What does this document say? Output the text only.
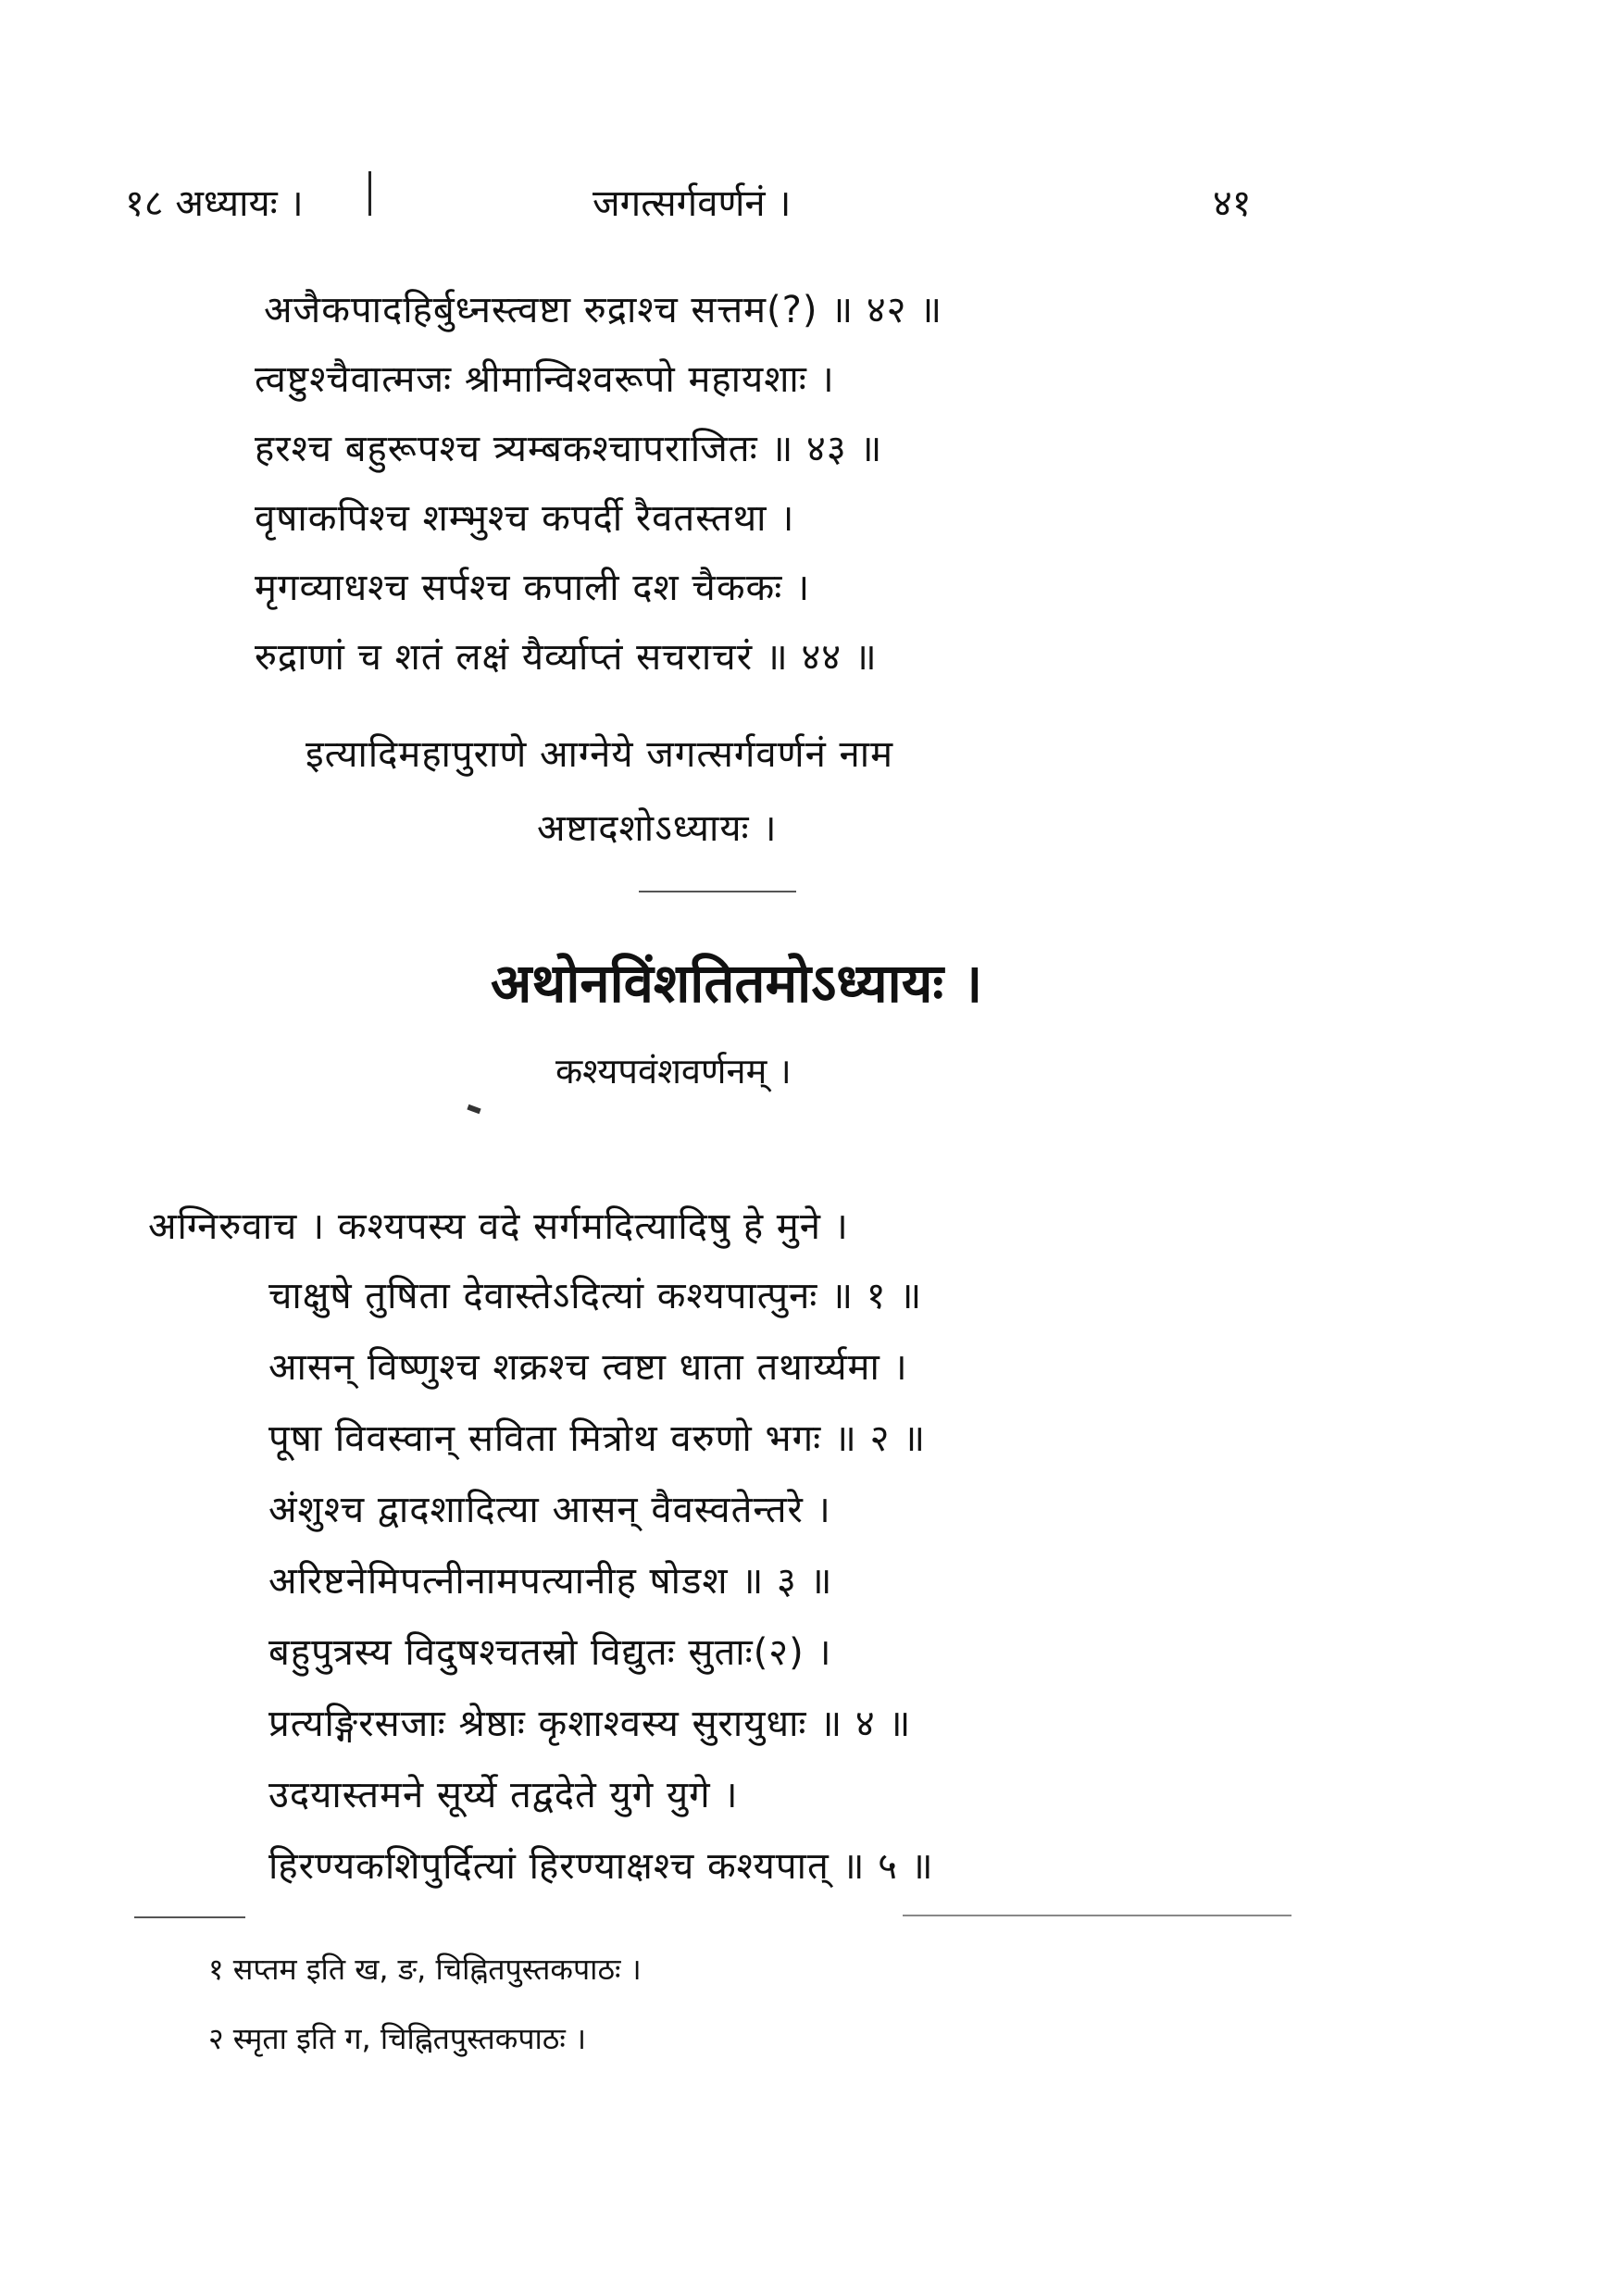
१८ अध्यायः ।	जगत्सर्गवर्णनं ।	४१
अजैकपादहिर्बुध्नस्त्वष्टा रुद्राश्च सत्तम(?) ॥ ४२ ॥
त्वष्टुश्चैवात्मजः श्रीमान्विश्वरूपो महायशाः ।
हरश्च बहुरूपश्च त्र्यम्बकश्चापराजितः ॥ ४३ ॥
वृषाकपिश्च शम्भुश्च कपर्दी रैवतस्तथा ।
मृगव्याधश्च सर्पश्च कपाली दश चैककः ।
रुद्राणां च शतं लक्षं यैर्व्याप्तं सचराचरं ॥ ४४ ॥
इत्यादिमहापुराणे आग्नेये जगत्सर्गवर्णनं नाम
अष्टादशोऽध्यायः ।
अथोनविंशतितमोऽध्यायः ।
कश्यपवंशवर्णनम् ।
अग्निरुवाच । कश्यपस्य वदे सर्गमदित्यादिषु हे मुने ।
चाक्षुषे तुषिता देवास्तेऽदित्यां कश्यपात्पुनः ॥ १ ॥
आसन् विष्णुश्च शक्रश्च त्वष्टा धाता तथार्य्यमा ।
पूषा विवस्वान् सविता मित्रोथ वरुणो भगः ॥ २ ॥
अंशुश्च द्वादशादित्या आसन् वैवस्वतेन्तरे ।
अरिष्टनेमिपत्नीनामपत्यानीह षोडश ॥ ३ ॥
बहुपुत्रस्य विदुषश्चतस्रो विद्युतः सुताः(२) ।
प्रत्यङ्गिरसजाः श्रेष्ठाः कृशाश्वस्य सुरायुधाः ॥ ४ ॥
उदयास्तमने सूर्य्ये तद्वदेते युगे युगे ।
हिरण्यकशिपुर्दित्यां हिरण्याक्षश्च कश्यपात् ॥ ५ ॥
१ सप्तम इति ख, ङ, चिह्नितपुस्तकपाठः ।
२ स्मृता इति ग, चिह्नितपुस्तकपाठः ।
